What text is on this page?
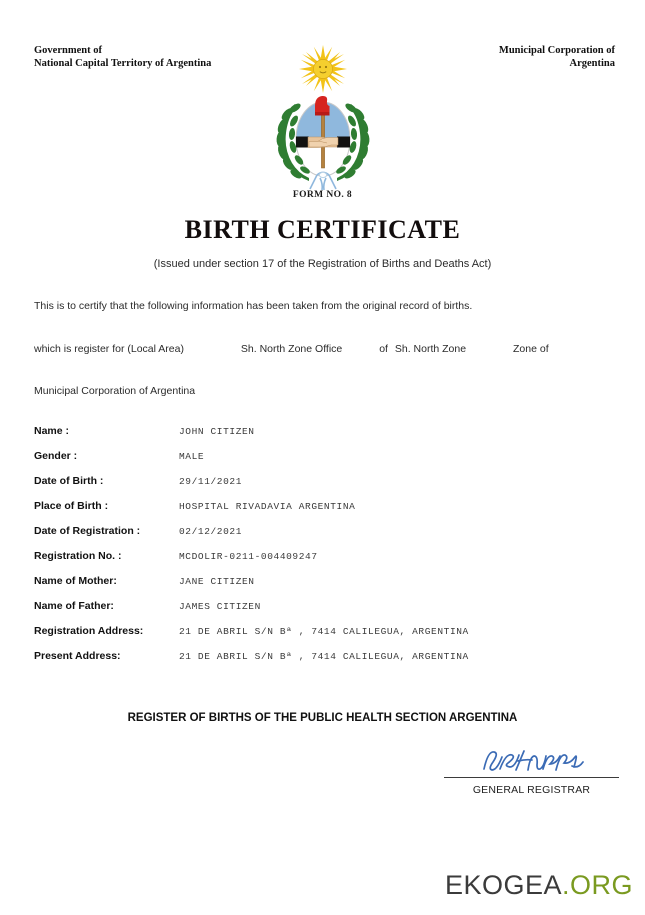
Government of
National Capital Territory of Argentina
Municipal Corporation of
Argentina
FORM NO. 8
BIRTH CERTIFICATE
(Issued under section 17 of the Registration of Births and Deaths Act)
This is to certify that the following information has been taken from the original record of births.
which is register for (Local Area)	Sh. North Zone Office	of Sh. North Zone	Zone of
Municipal Corporation of Argentina
Name :	JOHN CITIZEN
Gender :	MALE
Date of Birth :	29/11/2021
Place of Birth :	HOSPITAL RIVADAVIA ARGENTINA
Date of Registration :	02/12/2021
Registration No. :	MCDOLIR-0211-004409247
Name of Mother:	JANE CITIZEN
Name of Father:	JAMES CITIZEN
Registration Address:	21 DE ABRIL S/N Bª , 7414 CALILEGUA, ARGENTINA
Present Address:	21 DE ABRIL S/N Bª , 7414 CALILEGUA, ARGENTINA
REGISTER OF BIRTHS OF THE PUBLIC HEALTH SECTION ARGENTINA
GENERAL REGISTRAR
EKOGEA.ORG
